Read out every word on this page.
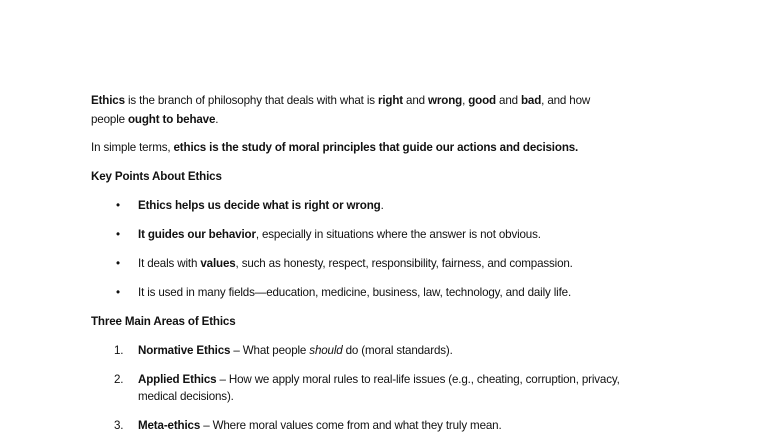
Ethics is the branch of philosophy that deals with what is right and wrong, good and bad, and how
people ought to behave.
In simple terms, ethics is the study of moral principles that guide our actions and decisions.
Key Points About Ethics
• Ethics helps us decide what is right or wrong.
• It guides our behavior, especially in situations where the answer is not obvious.
• It deals with values, such as honesty, respect, responsibility, fairness, and compassion.
• It is used in many fields—education, medicine, business, law, technology, and daily life.
Three Main Areas of Ethics
1. Normative Ethics – What people should do (moral standards).
2. Applied Ethics – How we apply moral rules to real-life issues (e.g., cheating, corruption, privacy,
medical decisions).
3. Meta-ethics – Where moral values come from and what they truly mean.
